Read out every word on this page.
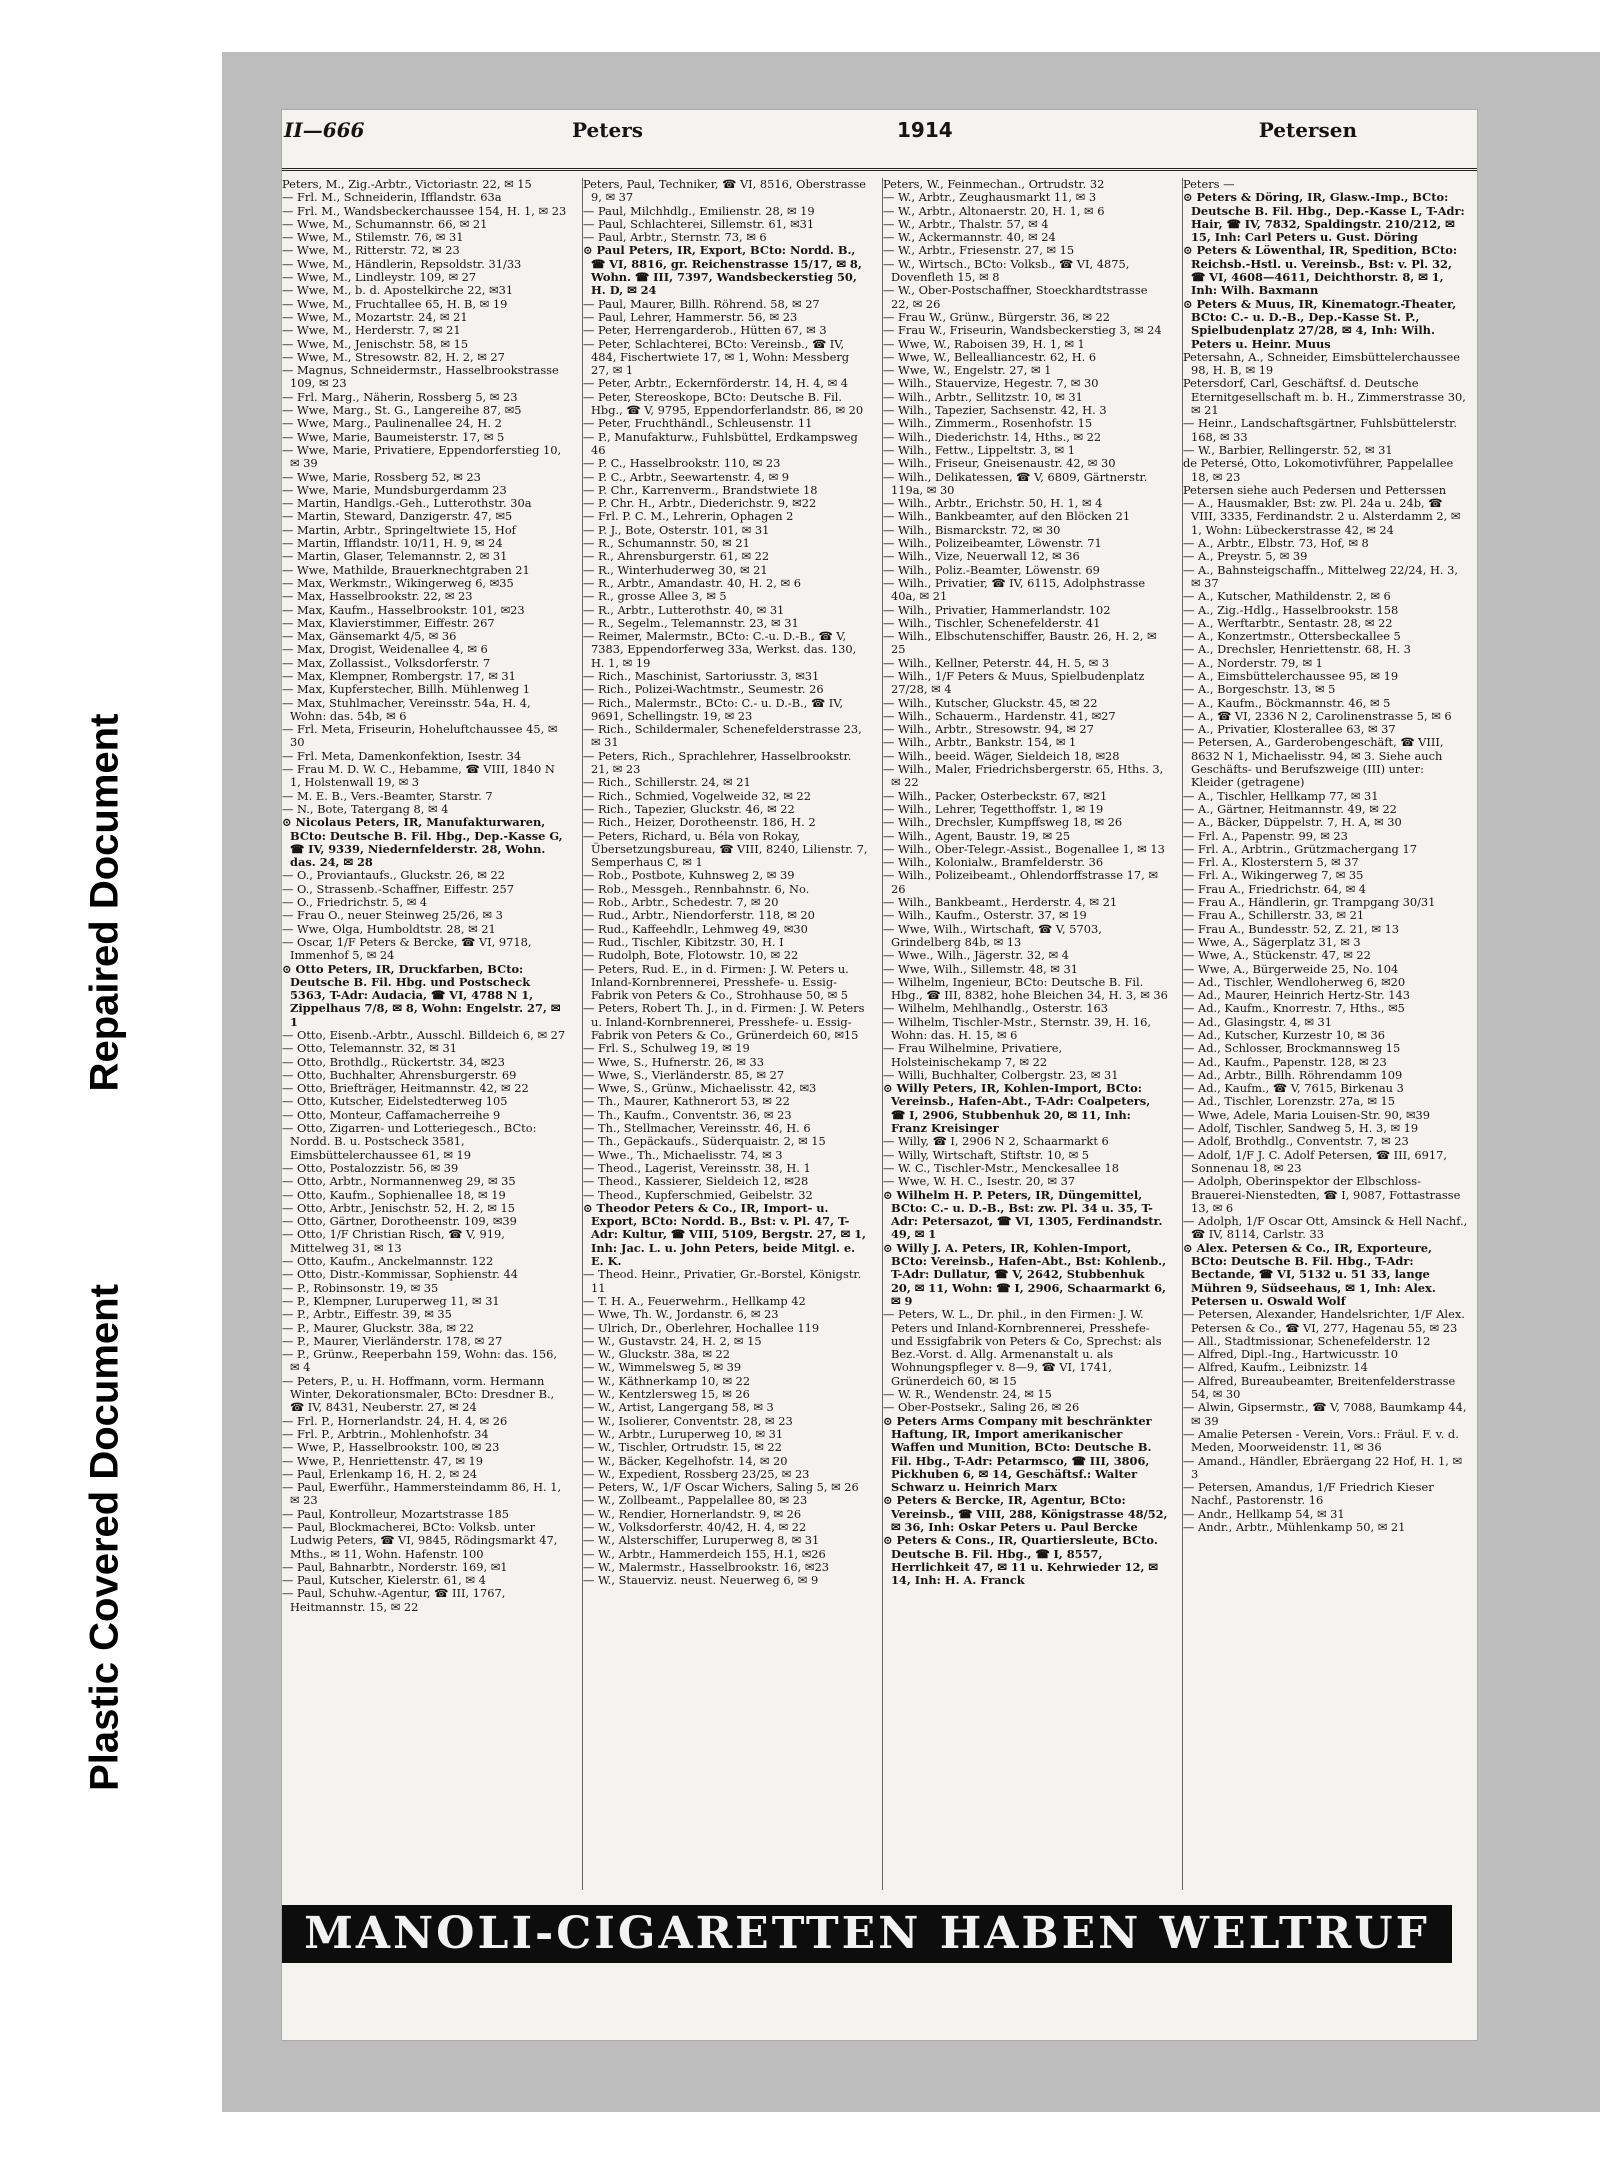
Repaired Document
Plastic Covered Document
II—666	Peters	1914	Petersen

Peters, M., Zig.-Arbtr., Victoriastr. 22, ✉ 15

— Frl. M., Schneiderin, Ifflandstr. 63a

— Frl. M., Wandsbeckerchaussee 154, H. 1, ✉ 23

— Wwe, M., Schumannstr. 66, ✉ 21

— Wwe, M., Stilemstr. 76, ✉ 31

— Wwe, M., Ritterstr. 72, ✉ 23

— Wwe, M., Händlerin, Repsoldstr. 31/33

— Wwe, M., Lindleystr. 109, ✉ 27

— Wwe, M., b. d. Apostelkirche 22, ✉31

— Wwe, M., Fruchtallee 65, H. B, ✉ 19

— Wwe, M., Mozartstr. 24, ✉ 21

— Wwe, M., Herderstr. 7, ✉ 21

— Wwe, M., Jenischstr. 58, ✉ 15

— Wwe, M., Stresowstr. 82, H. 2, ✉ 27

— Magnus, Schneidermstr., Hasselbrookstrasse 109, ✉ 23

— Frl. Marg., Näherin, Rossberg 5, ✉ 23

— Wwe, Marg., St. G., Langereihe 87, ✉5

— Wwe, Marg., Paulinenallee 24, H. 2

— Wwe, Marie, Baumeisterstr. 17, ✉ 5

— Wwe, Marie, Privatiere, Eppendorferstieg 10, ✉ 39

— Wwe, Marie, Rossberg 52, ✉ 23

— Wwe, Marie, Mundsburgerdamm 23

— Martin, Handlgs.-Geh., Lutterothstr. 30a

— Martin, Steward, Danzigerstr. 47, ✉5

— Martin, Arbtr., Springeltwiete 15, Hof

— Martin, Ifflandstr. 10/11, H. 9, ✉ 24

— Martin, Glaser, Telemannstr. 2, ✉ 31

— Wwe, Mathilde, Brauerknechtgraben 21

— Max, Werkmstr., Wikingerweg 6, ✉35

— Max, Hasselbrookstr. 22, ✉ 23

— Max, Kaufm., Hasselbrookstr. 101, ✉23

— Max, Klavierstimmer, Eiffestr. 267

— Max, Gänsemarkt 4/5, ✉ 36

— Max, Drogist, Weidenallee 4, ✉ 6

— Max, Zollassist., Volksdorferstr. 7

— Max, Klempner, Rombergstr. 17, ✉ 31

— Max, Kupferstecher, Billh. Mühlenweg 1

— Max, Stuhlmacher, Vereinsstr. 54a, H. 4, Wohn: das. 54b, ✉ 6

— Frl. Meta, Friseurin, Hoheluftchaussee 45, ✉ 30

— Frl. Meta, Damenkonfektion, Isestr. 34

— Frau M. D. W. C., Hebamme, ☎ VIII, 1840 N 1, Holstenwall 19, ✉ 3

— M. E. B., Vers.-Beamter, Starstr. 7

— N., Bote, Tatergang 8, ✉ 4

⊙ Nicolaus Peters, IR, Manufakturwaren, BCto: Deutsche B. Fil. Hbg., Dep.-Kasse G, ☎ IV, 9339, Niedernfelderstr. 28, Wohn. das. 24, ✉ 28

— O., Proviantaufs., Gluckstr. 26, ✉ 22

— O., Strassenb.-Schaffner, Eiffestr. 257

— O., Friedrichstr. 5, ✉ 4

— Frau O., neuer Steinweg 25/26, ✉ 3

— Wwe, Olga, Humboldtstr. 28, ✉ 21

— Oscar, 1/F Peters & Bercke, ☎ VI, 9718, Immenhof 5, ✉ 24

⊙ Otto Peters, IR, Druckfarben, BCto: Deutsche B. Fil. Hbg. und Postscheck 5363, T-Adr: Audacia, ☎ VI, 4788 N 1, Zippelhaus 7/8, ✉ 8, Wohn: Engelstr. 27, ✉ 1

— Otto, Eisenb.-Arbtr., Ausschl. Billdeich 6, ✉ 27

— Otto, Telemannstr. 32, ✉ 31

— Otto, Brothdlg., Rückertstr. 34, ✉23

— Otto, Buchhalter, Ahrensburgerstr. 69

— Otto, Briefträger, Heitmannstr. 42, ✉ 22

— Otto, Kutscher, Eidelstedterweg 105

— Otto, Monteur, Caffamacherreihe 9

— Otto, Zigarren- und Lotteriegesch., BCto: Nordd. B. u. Postscheck 3581, Eimsbüttelerchaussee 61, ✉ 19

— Otto, Postalozzistr. 56, ✉ 39

— Otto, Arbtr., Normannenweg 29, ✉ 35

— Otto, Kaufm., Sophienallee 18, ✉ 19

— Otto, Arbtr., Jenischstr. 52, H. 2, ✉ 15

— Otto, Gärtner, Dorotheenstr. 109, ✉39

— Otto, 1/F Christian Risch, ☎ V, 919, Mittelweg 31, ✉ 13

— Otto, Kaufm., Anckelmannstr. 122

— Otto, Distr.-Kommissar, Sophienstr. 44

— P., Robinsonstr. 19, ✉ 35

— P., Klempner, Luruperweg 11, ✉ 31

— P., Arbtr., Eiffestr. 39, ✉ 35

— P., Maurer, Gluckstr. 38a, ✉ 22

— P., Maurer, Vierländerstr. 178, ✉ 27

— P., Grünw., Reeperbahn 159, Wohn: das. 156, ✉ 4

— Peters, P., u. H. Hoffmann, vorm. Hermann Winter, Dekorationsmaler, BCto: Dresdner B., ☎ IV, 8431, Neuberstr. 27, ✉ 24

— Frl. P., Hornerlandstr. 24, H. 4, ✉ 26

— Frl. P., Arbtrin., Mohlenhofstr. 34

— Wwe, P., Hasselbrookstr. 100, ✉ 23

— Wwe, P., Henriettenstr. 47, ✉ 19

— Paul, Erlenkamp 16, H. 2, ✉ 24

— Paul, Ewerführ., Hammersteindamm 86, H. 1, ✉ 23

— Paul, Kontrolleur, Mozartstrasse 185

— Paul, Blockmacherei, BCto: Volksb. unter Ludwig Peters, ☎ VI, 9845, Rödingsmarkt 47, Mths., ✉ 11, Wohn. Hafenstr. 100

— Paul, Bahnarbtr., Norderstr. 169, ✉1

— Paul, Kutscher, Kielerstr. 61, ✉ 4

— Paul, Schuhw.-Agentur, ☎ III, 1767, Heitmannstr. 15, ✉ 22

Peters, Paul, Techniker, ☎ VI, 8516, Oberstrasse 9, ✉ 37

— Paul, Milchhdlg., Emilienstr. 28, ✉ 19

— Paul, Schlachterei, Sillemstr. 61, ✉31

— Paul, Arbtr., Sternstr. 73, ✉ 6

⊙ Paul Peters, IR, Export, BCto: Nordd. B., ☎ VI, 8816, gr. Reichenstrasse 15/17, ✉ 8, Wohn. ☎ III, 7397, Wandsbeckerstieg 50, H. D, ✉ 24

— Paul, Maurer, Billh. Röhrend. 58, ✉ 27

— Paul, Lehrer, Hammerstr. 56, ✉ 23

— Peter, Herrengarderob., Hütten 67, ✉ 3

— Peter, Schlachterei, BCto: Vereinsb., ☎ IV, 484, Fischertwiete 17, ✉ 1, Wohn: Messberg 27, ✉ 1

— Peter, Arbtr., Eckernförderstr. 14, H. 4, ✉ 4

— Peter, Stereoskope, BCto: Deutsche B. Fil. Hbg., ☎ V, 9795, Eppendorferlandstr. 86, ✉ 20

— Peter, Fruchthändl., Schleusenstr. 11

— P., Manufakturw., Fuhlsbüttel, Erdkampsweg 46

— P. C., Hasselbrookstr. 110, ✉ 23

— P. C., Arbtr., Seewartenstr. 4, ✉ 9

— P. Chr., Karrenverm., Brandstwiete 18

— P. Chr. H., Arbtr., Diederichstr. 9, ✉22

— Frl. P. C. M., Lehrerin, Ophagen 2

— P. J., Bote, Osterstr. 101, ✉ 31

— R., Schumannstr. 50, ✉ 21

— R., Ahrensburgerstr. 61, ✉ 22

— R., Winterhuderweg 30, ✉ 21

— R., Arbtr., Amandastr. 40, H. 2, ✉ 6

— R., grosse Allee 3, ✉ 5

— R., Arbtr., Lutterothstr. 40, ✉ 31

— R., Segelm., Telemannstr. 23, ✉ 31

— Reimer, Malermstr., BCto: C.-u. D.-B., ☎ V, 7383, Eppendorferweg 33a, Werkst. das. 130, H. 1, ✉ 19

— Rich., Maschinist, Sartoriusstr. 3, ✉31

— Rich., Polizei-Wachtmstr., Seumestr. 26

— Rich., Malermstr., BCto: C.- u. D.-B., ☎ IV, 9691, Schellingstr. 19, ✉ 23

— Rich., Schildermaler, Schenefelderstrasse 23, ✉ 31

— Peters, Rich., Sprachlehrer, Hasselbrookstr. 21, ✉ 23

— Rich., Schillerstr. 24, ✉ 21

— Rich., Schmied, Vogelweide 32, ✉ 22

— Rich., Tapezier, Gluckstr. 46, ✉ 22

— Rich., Heizer, Dorotheenstr. 186, H. 2

— Peters, Richard, u. Béla von Rokay, Übersetzungsbureau, ☎ VIII, 8240, Lilienstr. 7, Semperhaus C, ✉ 1

— Rob., Postbote, Kuhnsweg 2, ✉ 39

— Rob., Messgeh., Rennbahnstr. 6, No.

— Rob., Arbtr., Schedestr. 7, ✉ 20

— Rud., Arbtr., Niendorferstr. 118, ✉ 20

— Rud., Kaffeehdlr., Lehmweg 49, ✉30

— Rud., Tischler, Kibitzstr. 30, H. I

— Rudolph, Bote, Flotowstr. 10, ✉ 22

— Peters, Rud. E., in d. Firmen: J. W. Peters u. Inland-Kornbrennerei, Presshefe- u. Essig-Fabrik von Peters & Co., Strohhause 50, ✉ 5

— Peters, Robert Th. J., in d. Firmen: J. W. Peters u. Inland-Kornbrennerei, Presshefe- u. Essig-Fabrik von Peters & Co., Grünerdeich 60, ✉15

— Frl. S., Schulweg 19, ✉ 19

— Wwe, S., Hufnerstr. 26, ✉ 33

— Wwe, S., Vierländerstr. 85, ✉ 27

— Wwe, S., Grünw., Michaelisstr. 42, ✉3

— Th., Maurer, Kathnerort 53, ✉ 22

— Th., Kaufm., Conventstr. 36, ✉ 23

— Th., Stellmacher, Vereinsstr. 46, H. 6

— Th., Gepäckaufs., Süderquaistr. 2, ✉ 15

— Wwe., Th., Michaelisstr. 74, ✉ 3

— Theod., Lagerist, Vereinsstr. 38, H. 1

— Theod., Kassierer, Sieldeich 12, ✉28

— Theod., Kupferschmied, Geibelstr. 32

⊙ Theodor Peters & Co., IR, Import- u. Export, BCto: Nordd. B., Bst: v. Pl. 47, T-Adr: Kultur, ☎ VIII, 5109, Bergstr. 27, ✉ 1, Inh: Jac. L. u. John Peters, beide Mitgl. e. E. K.

— Theod. Heinr., Privatier, Gr.-Borstel, Königstr. 11

— T. H. A., Feuerwehrm., Hellkamp 42

— Wwe, Th. W., Jordanstr. 6, ✉ 23

— Ulrich, Dr., Oberlehrer, Hochallee 119

— W., Gustavstr. 24, H. 2, ✉ 15

— W., Gluckstr. 38a, ✉ 22

— W., Wimmelsweg 5, ✉ 39

— W., Käthnerkamp 10, ✉ 22

— W., Kentzlersweg 15, ✉ 26

— W., Artist, Langergang 58, ✉ 3

— W., Isolierer, Conventstr. 28, ✉ 23

— W., Arbtr., Luruperweg 10, ✉ 31

— W., Tischler, Ortrudstr. 15, ✉ 22

— W., Bäcker, Kegelhofstr. 14, ✉ 20

— W., Expedient, Rossberg 23/25, ✉ 23

— Peters, W., 1/F Oscar Wichers, Saling 5, ✉ 26

— W., Zollbeamt., Pappelallee 80, ✉ 23

— W., Rendier, Hornerlandstr. 9, ✉ 26

— W., Volksdorferstr. 40/42, H. 4, ✉ 22

— W., Alsterschiffer, Luruperweg 8, ✉ 31

— W., Arbtr., Hammerdeich 155, H.1, ✉26

— W., Malermstr., Hasselbrookstr. 16, ✉23

— W., Stauerviz. neust. Neuerweg 6, ✉ 9

Peters, W., Feinmechan., Ortrudstr. 32

— W., Arbtr., Zeughausmarkt 11, ✉ 3

— W., Arbtr., Altonaerstr. 20, H. 1, ✉ 6

— W., Arbtr., Thalstr. 57, ✉ 4

— W., Ackermannstr. 40, ✉ 24

— W., Arbtr., Friesenstr. 27, ✉ 15

— W., Wirtsch., BCto: Volksb., ☎ VI, 4875, Dovenfleth 15, ✉ 8

— W., Ober-Postschaffner, Stoeckhardtstrasse 22, ✉ 26

— Frau W., Grünw., Bürgerstr. 36, ✉ 22

— Frau W., Friseurin, Wandsbeckerstieg 3, ✉ 24

— Wwe, W., Raboisen 39, H. 1, ✉ 1

— Wwe, W., Bellealliancestr. 62, H. 6

— Wwe, W., Engelstr. 27, ✉ 1

— Wilh., Stauervize, Hegestr. 7, ✉ 30

— Wilh., Arbtr., Sellitzstr. 10, ✉ 31

— Wilh., Tapezier, Sachsenstr. 42, H. 3

— Wilh., Zimmerm., Rosenhofstr. 15

— Wilh., Diederichstr. 14, Hths., ✉ 22

— Wilh., Fettw., Lippeltstr. 3, ✉ 1

— Wilh., Friseur, Gneisenaustr. 42, ✉ 30

— Wilh., Delikatessen, ☎ V, 6809, Gärtnerstr. 119a, ✉ 30

— Wilh., Arbtr., Erichstr. 50, H. 1, ✉ 4

— Wilh., Bankbeamter, auf den Blöcken 21

— Wilh., Bismarckstr. 72, ✉ 30

— Wilh., Polizeibeamter, Löwenstr. 71

— Wilh., Vize, Neuerwall 12, ✉ 36

— Wilh., Poliz.-Beamter, Löwenstr. 69

— Wilh., Privatier, ☎ IV, 6115, Adolphstrasse 40a, ✉ 21

— Wilh., Privatier, Hammerlandstr. 102

— Wilh., Tischler, Schenefelderstr. 41

— Wilh., Elbschutenschiffer, Baustr. 26, H. 2, ✉ 25

— Wilh., Kellner, Peterstr. 44, H. 5, ✉ 3

— Wilh., 1/F Peters & Muus, Spielbudenplatz 27/28, ✉ 4

— Wilh., Kutscher, Gluckstr. 45, ✉ 22

— Wilh., Schauerm., Hardenstr. 41, ✉27

— Wilh., Arbtr., Stresowstr. 94, ✉ 27

— Wilh., Arbtr., Bankstr. 154, ✉ 1

— Wilh., beeid. Wäger, Sieldeich 18, ✉28

— Wilh., Maler, Friedrichsbergerstr. 65, Hths. 3, ✉ 22

— Wilh., Packer, Osterbeckstr. 67, ✉21

— Wilh., Lehrer, Tegetthoffstr. 1, ✉ 19

— Wilh., Drechsler, Kumpffsweg 18, ✉ 26

— Wilh., Agent, Baustr. 19, ✉ 25

— Wilh., Ober-Telegr.-Assist., Bogenallee 1, ✉ 13

— Wilh., Kolonialw., Bramfelderstr. 36

— Wilh., Polizeibeamt., Ohlendorffstrasse 17, ✉ 26

— Wilh., Bankbeamt., Herderstr. 4, ✉ 21

— Wilh., Kaufm., Osterstr. 37, ✉ 19

— Wwe, Wilh., Wirtschaft, ☎ V, 5703, Grindelberg 84b, ✉ 13

— Wwe., Wilh., Jägerstr. 32, ✉ 4

— Wwe, Wilh., Sillemstr. 48, ✉ 31

— Wilhelm, Ingenieur, BCto: Deutsche B. Fil. Hbg., ☎ III, 8382, hohe Bleichen 34, H. 3, ✉ 36

— Wilhelm, Mehlhandlg., Osterstr. 163

— Wilhelm, Tischler-Mstr., Sternstr. 39, H. 16, Wohn: das. H. 15, ✉ 6

— Frau Wilhelmine, Privatiere, Holsteinischekamp 7, ✉ 22

— Willi, Buchhalter, Colbergstr. 23, ✉ 31

⊙ Willy Peters, IR, Kohlen-Import, BCto: Vereinsb., Hafen-Abt., T-Adr: Coalpeters, ☎ I, 2906, Stubbenhuk 20, ✉ 11, Inh: Franz Kreisinger

— Willy, ☎ I, 2906 N 2, Schaarmarkt 6

— Willy, Wirtschaft, Stiftstr. 10, ✉ 5

— W. C., Tischler-Mstr., Menckesallee 18

— Wwe, W. H. C., Isestr. 20, ✉ 37

⊙ Wilhelm H. P. Peters, IR, Düngemittel, BCto: C.- u. D.-B., Bst: zw. Pl. 34 u. 35, T-Adr: Petersazot, ☎ VI, 1305, Ferdinandstr. 49, ✉ 1

⊙ Willy J. A. Peters, IR, Kohlen-Import, BCto: Vereinsb., Hafen-Abt., Bst: Kohlenb., T-Adr: Dullatur, ☎ V, 2642, Stubbenhuk 20, ✉ 11, Wohn: ☎ I, 2906, Schaarmarkt 6, ✉ 9

— Peters, W. L., Dr. phil., in den Firmen: J. W. Peters und Inland-Kornbrennerei, Presshefe- und Essigfabrik von Peters & Co, Sprechst: als Bez.-Vorst. d. Allg. Armenanstalt u. als Wohnungspfleger v. 8—9, ☎ VI, 1741, Grünerdeich 60, ✉ 15

— W. R., Wendenstr. 24, ✉ 15

— Ober-Postsekr., Saling 26, ✉ 26

⊙ Peters Arms Company mit beschränkter Haftung, IR, Import amerikanischer Waffen und Munition, BCto: Deutsche B. Fil. Hbg., T-Adr: Petarmsco, ☎ III, 3806, Pickhuben 6, ✉ 14, Geschäftsf.: Walter Schwarz u. Heinrich Marx

⊙ Peters & Bercke, IR, Agentur, BCto: Vereinsb., ☎ VIII, 288, Königstrasse 48/52, ✉ 36, Inh: Oskar Peters u. Paul Bercke

⊙ Peters & Cons., IR, Quartiersleute, BCto. Deutsche B. Fil. Hbg., ☎ I, 8557, Herrlichkeit 47, ✉ 11 u. Kehrwieder 12, ✉ 14, Inh: H. A. Franck

Peters —

⊙ Peters & Döring, IR, Glasw.-Imp., BCto: Deutsche B. Fil. Hbg., Dep.-Kasse L, T-Adr: Hair, ☎ IV, 7832, Spaldingstr. 210/212, ✉ 15, Inh: Carl Peters u. Gust. Döring

⊙ Peters & Löwenthal, IR, Spedition, BCto: Reichsb.-Hstl. u. Vereinsb., Bst: v. Pl. 32, ☎ VI, 4608—4611, Deichthorstr. 8, ✉ 1, Inh: Wilh. Baxmann

⊙ Peters & Muus, IR, Kinematogr.-Theater, BCto: C.- u. D.-B., Dep.-Kasse St. P., Spielbudenplatz 27/28, ✉ 4, Inh: Wilh. Peters u. Heinr. Muus

Petersahn, A., Schneider, Eimsbüttelerchaussee 98, H. B, ✉ 19

Petersdorf, Carl, Geschäftsf. d. Deutsche Eternitgesellschaft m. b. H., Zimmerstrasse 30, ✉ 21

— Heinr., Landschaftsgärtner, Fuhlsbüttelerstr. 168, ✉ 33

— W., Barbier, Rellingerstr. 52, ✉ 31

de Petersé, Otto, Lokomotivführer, Pappelallee 18, ✉ 23

Petersen siehe auch Pedersen und Petterssen

— A., Hausmakler, Bst: zw. Pl. 24a u. 24b, ☎ VIII, 3335, Ferdinandstr. 2 u. Alsterdamm 2, ✉ 1, Wohn: Lübeckerstrasse 42, ✉ 24

— A., Arbtr., Elbstr. 73, Hof, ✉ 8

— A., Preystr. 5, ✉ 39

— A., Bahnsteigschaffn., Mittelweg 22/24, H. 3, ✉ 37

— A., Kutscher, Mathildenstr. 2, ✉ 6

— A., Zig.-Hdlg., Hasselbrookstr. 158

— A., Werftarbtr., Sentastr. 28, ✉ 22

— A., Konzertmstr., Ottersbeckallee 5

— A., Drechsler, Henriettenstr. 68, H. 3

— A., Norderstr. 79, ✉ 1

— A., Eimsbüttelerchaussee 95, ✉ 19

— A., Borgeschstr. 13, ✉ 5

— A., Kaufm., Böckmannstr. 46, ✉ 5

— A., ☎ VI, 2336 N 2, Carolinenstrasse 5, ✉ 6

— A., Privatier, Klosterallee 63, ✉ 37

— Petersen, A., Garderobengeschäft, ☎ VIII, 8632 N 1, Michaelisstr. 94, ✉ 3. Siehe auch Geschäfts- und Berufszweige (III) unter: Kleider (getragene)

— A., Tischler, Hellkamp 77, ✉ 31

— A., Gärtner, Heitmannstr. 49, ✉ 22

— A., Bäcker, Düppelstr. 7, H. A, ✉ 30

— Frl. A., Papenstr. 99, ✉ 23

— Frl. A., Arbtrin., Grützmachergang 17

— Frl. A., Klosterstern 5, ✉ 37

— Frl. A., Wikingerweg 7, ✉ 35

— Frau A., Friedrichstr. 64, ✉ 4

— Frau A., Händlerin, gr. Trampgang 30/31

— Frau A., Schillerstr. 33, ✉ 21

— Frau A., Bundesstr. 52, Z. 21, ✉ 13

— Wwe, A., Sägerplatz 31, ✉ 3

— Wwe, A., Stückenstr. 47, ✉ 22

— Wwe, A., Bürgerweide 25, No. 104

— Ad., Tischler, Wendloherweg 6, ✉20

— Ad., Maurer, Heinrich Hertz-Str. 143

— Ad., Kaufm., Knorrestr. 7, Hths., ✉5

— Ad., Glasingstr. 4, ✉ 31

— Ad., Kutscher, Kurzestr 10, ✉ 36

— Ad., Schlosser, Brockmannsweg 15

— Ad., Kaufm., Papenstr. 128, ✉ 23

— Ad., Arbtr., Billh. Röhrendamm 109

— Ad., Kaufm., ☎ V, 7615, Birkenau 3

— Ad., Tischler, Lorenzstr. 27a, ✉ 15

— Wwe, Adele, Maria Louisen-Str. 90, ✉39

— Adolf, Tischler, Sandweg 5, H. 3, ✉ 19

— Adolf, Brothdlg., Conventstr. 7, ✉ 23

— Adolf, 1/F J. C. Adolf Petersen, ☎ III, 6917, Sonnenau 18, ✉ 23

— Adolph, Oberinspektor der Elbschloss-Brauerei-Nienstedten, ☎ I, 9087, Fottastrasse 13, ✉ 6

— Adolph, 1/F Oscar Ott, Amsinck & Hell Nachf., ☎ IV, 8114, Carlstr. 33

⊙ Alex. Petersen & Co., IR, Exporteure, BCto: Deutsche B. Fil. Hbg., T-Adr: Bectande, ☎ VI, 5132 u. 51 33, lange Mühren 9, Südseehaus, ✉ 1, Inh: Alex. Petersen u. Oswald Wolf

— Petersen, Alexander, Handelsrichter, 1/F Alex. Petersen & Co., ☎ VI, 277, Hagenau 55, ✉ 23

— All., Stadtmissionar, Schenefelderstr. 12

— Alfred, Dipl.-Ing., Hartwicusstr. 10

— Alfred, Kaufm., Leibnizstr. 14

— Alfred, Bureaubeamter, Breitenfelderstrasse 54, ✉ 30

— Alwin, Gipsermstr., ☎ V, 7088, Baumkamp 44, ✉ 39

— Amalie Petersen - Verein, Vors.: Fräul. F. v. d. Meden, Moorweidenstr. 11, ✉ 36

— Amand., Händler, Ebräergang 22 Hof, H. 1, ✉ 3

— Petersen, Amandus, 1/F Friedrich Kieser Nachf., Pastorenstr. 16

— Andr., Hellkamp 54, ✉ 31

— Andr., Arbtr., Mühlenkamp 50, ✉ 21

MANOLI-CIGARETTEN HABEN WELTRUF
